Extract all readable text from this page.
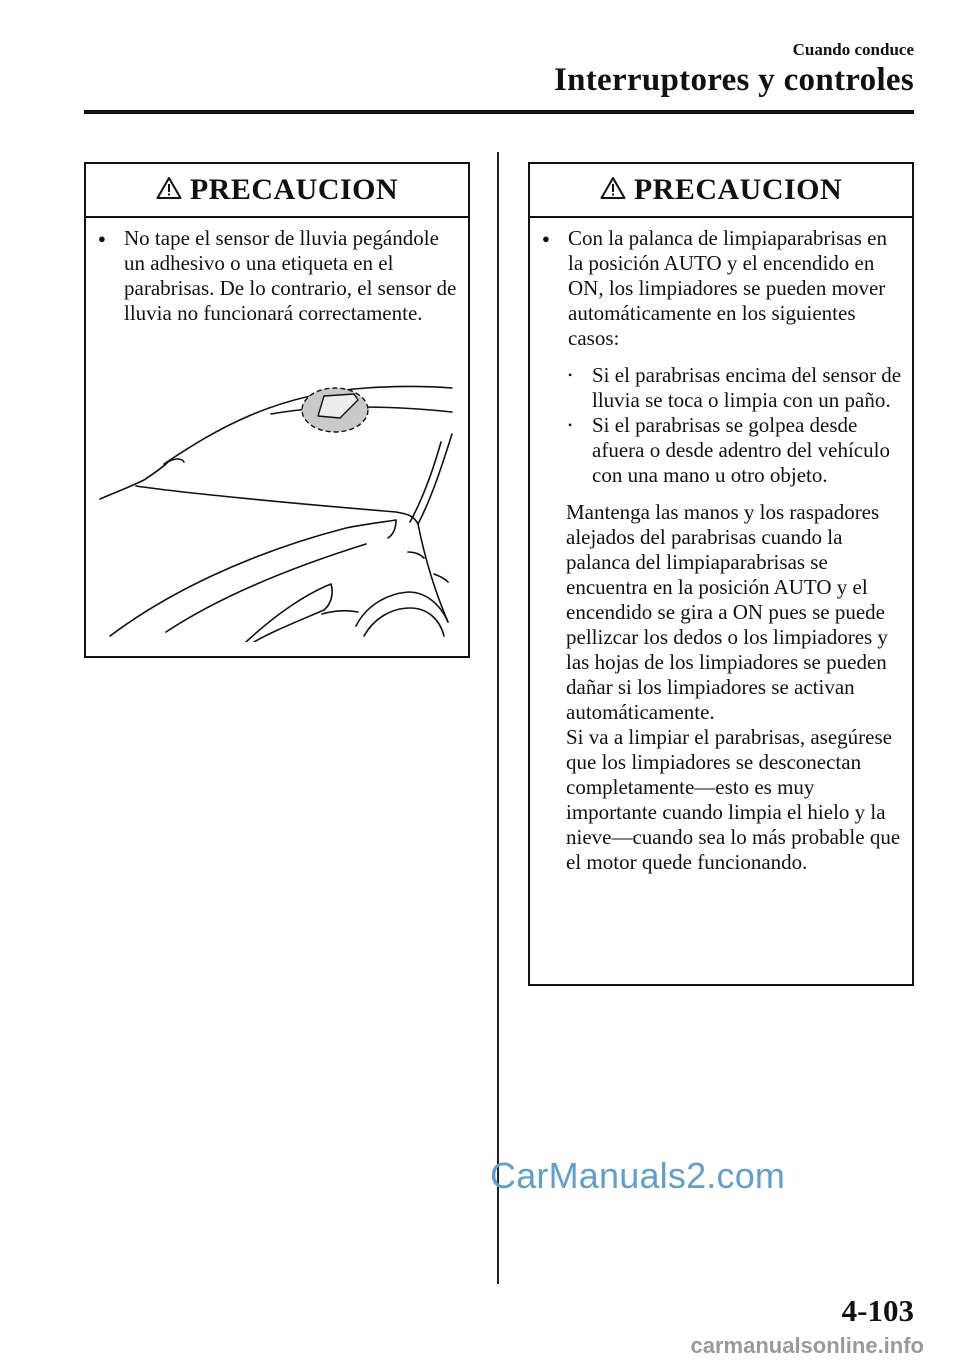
Cuando conduce
Interruptores y controles
PRECAUCION
● No tape el sensor de lluvia pegándole un adhesivo o una etiqueta en el parabrisas. De lo contrario, el sensor de lluvia no funcionará correctamente.
PRECAUCION
● Con la palanca de limpiaparabrisas en la posición AUTO y el encendido en ON, los limpiadores se pueden mover automáticamente en los siguientes casos:
• Si el parabrisas encima del sensor de lluvia se toca o limpia con un paño.
• Si el parabrisas se golpea desde afuera o desde adentro del vehículo con una mano u otro objeto.
Mantenga las manos y los raspadores alejados del parabrisas cuando la palanca del limpiaparabrisas se encuentra en la posición AUTO y el encendido se gira a ON pues se puede pellizcar los dedos o los limpiadores y las hojas de los limpiadores se pueden dañar si los limpiadores se activan automáticamente.
Si va a limpiar el parabrisas, asegúrese que los limpiadores se desconectan completamente―esto es muy importante cuando limpia el hielo y la nieve―cuando sea lo más probable que el motor quede funcionando.
CarManuals2.com
4-103
carmanualsonline.info
